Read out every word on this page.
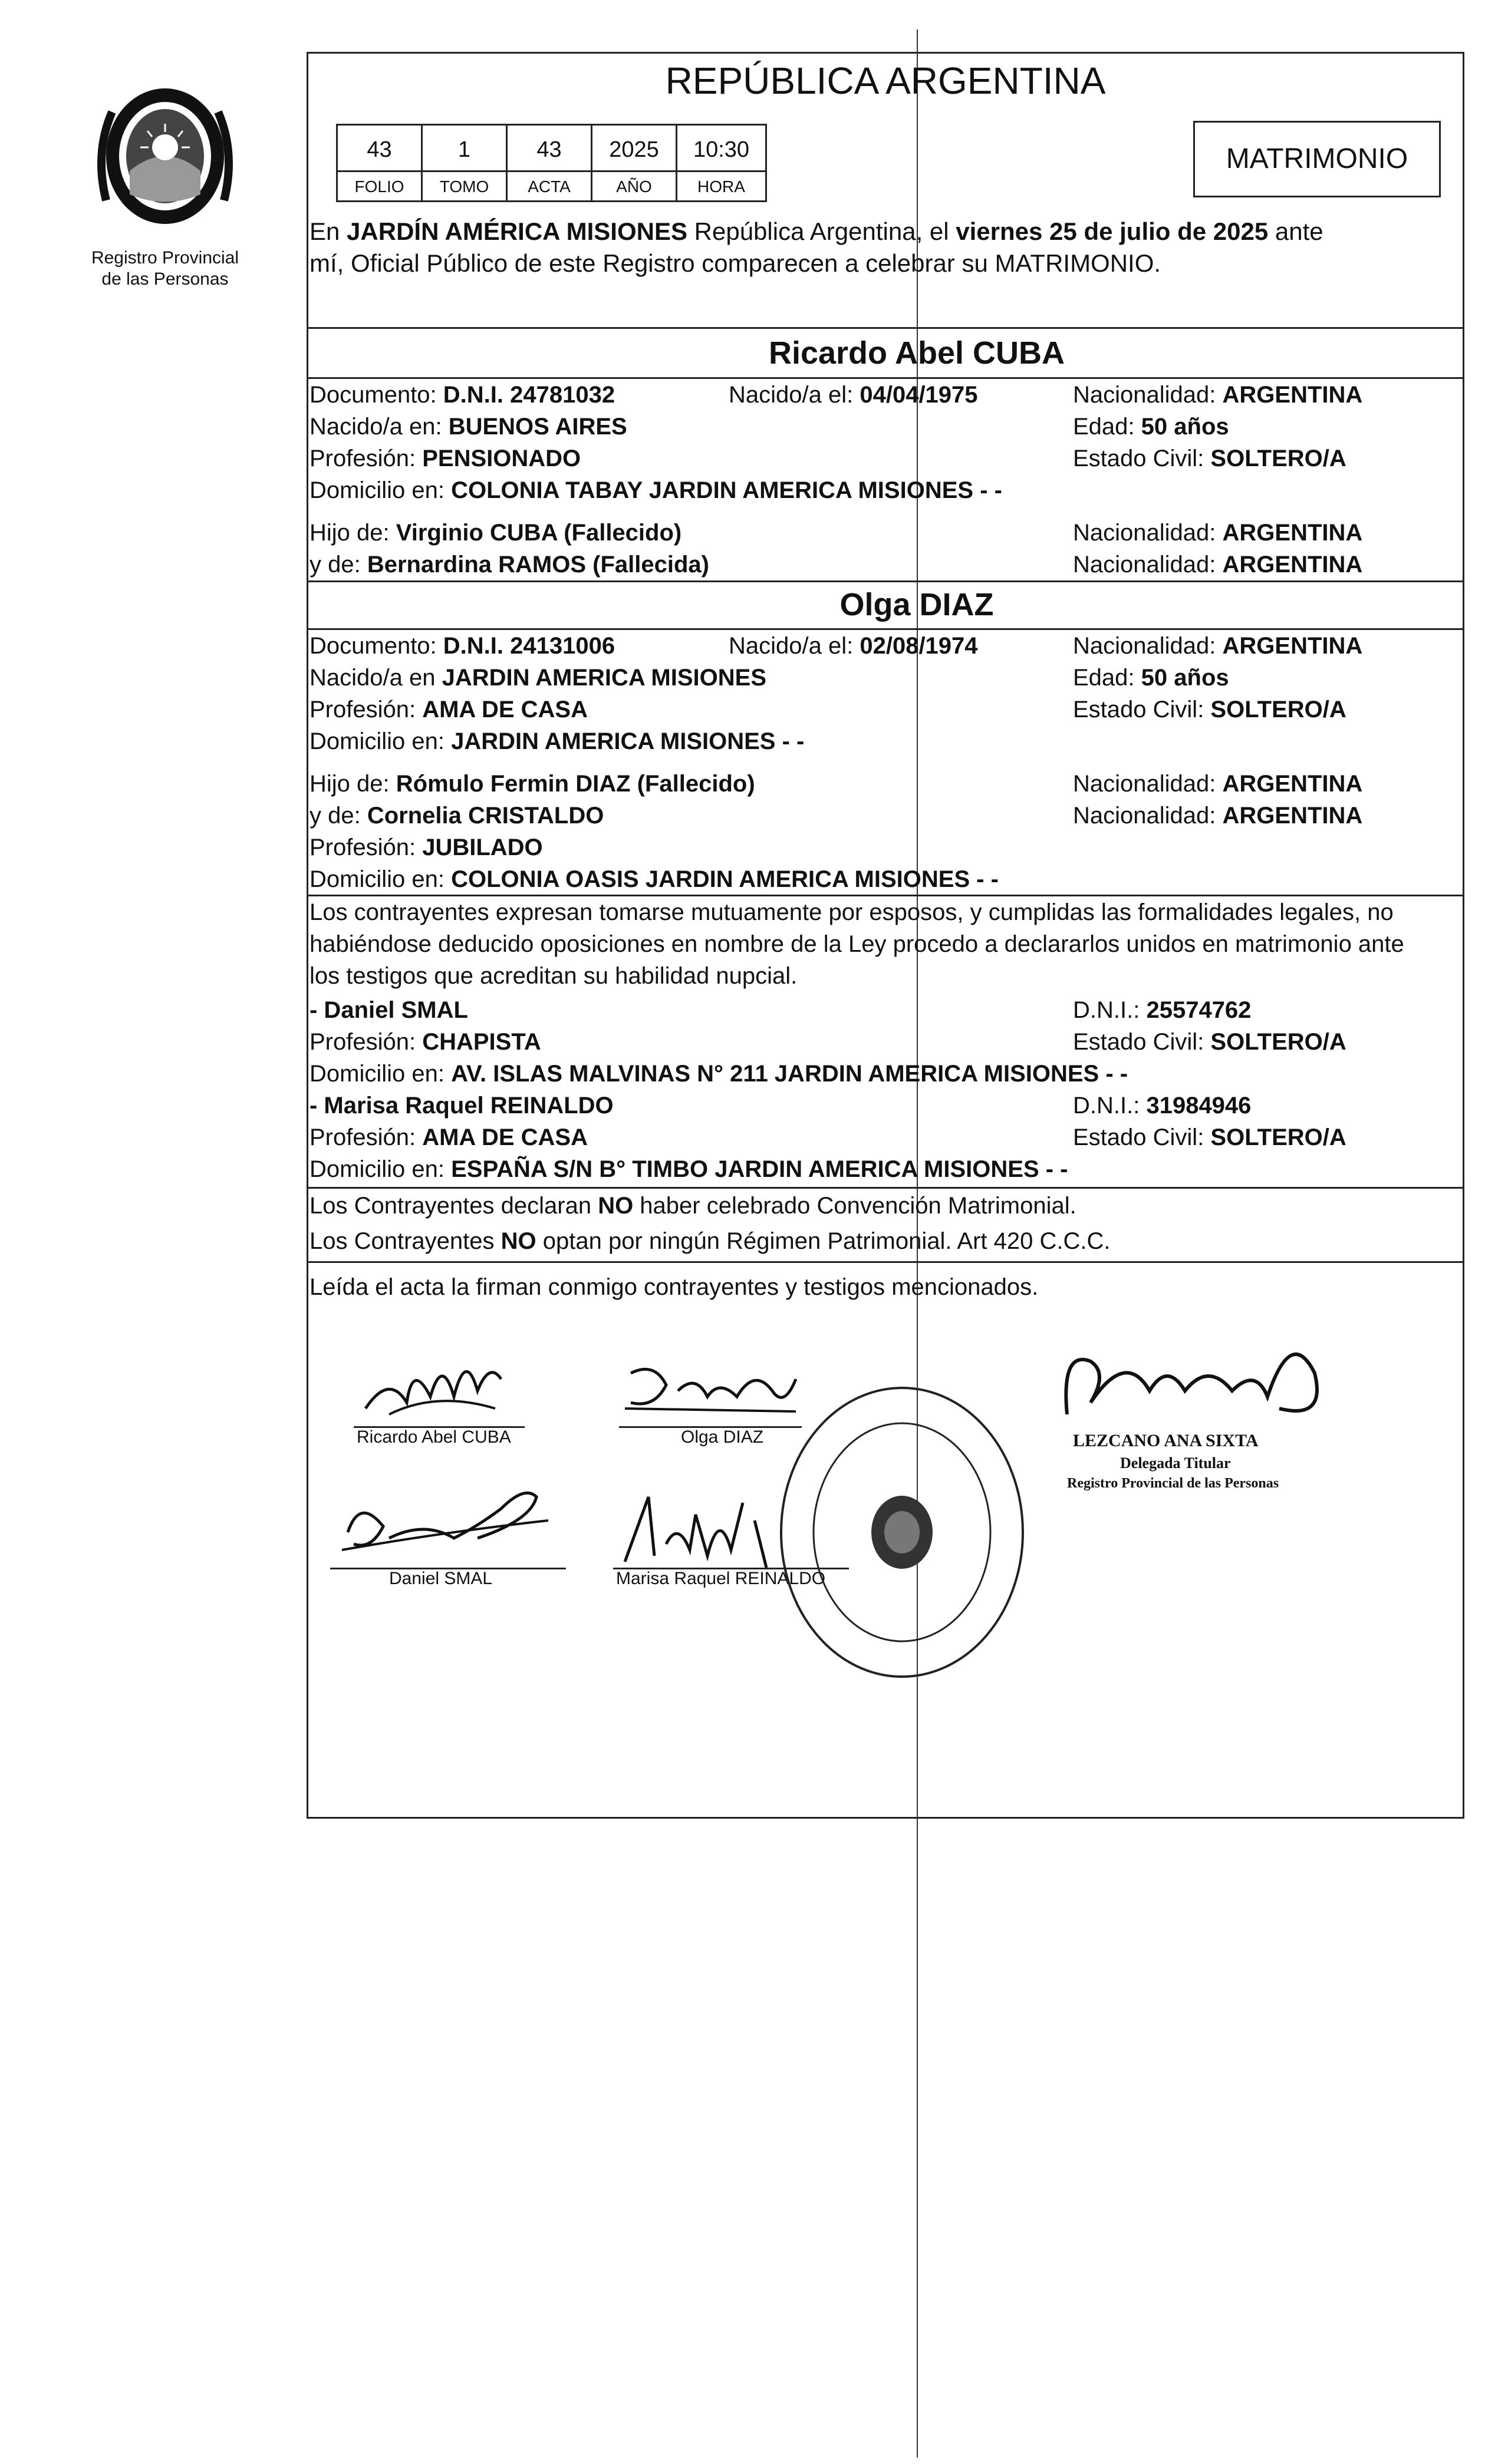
Registro Provincial
de las Personas
REPÚBLICA ARGENTINA
43	1	43	2025	10:30
FOLIO	TOMO	ACTA	AÑO	HORA
MATRIMONIO
En JARDÍN AMÉRICA MISIONES República Argentina, el viernes 25 de julio de 2025 ante
mí, Oficial Público de este Registro comparecen a celebrar su MATRIMONIO.
Ricardo Abel CUBA
Documento: D.N.I. 24781032	Nacido/a el: 04/04/1975	Nacionalidad: ARGENTINA
Nacido/a en: BUENOS AIRES	Edad: 50 años
Profesión: PENSIONADO	Estado Civil: SOLTERO/A
Domicilio en: COLONIA TABAY JARDIN AMERICA MISIONES - -
Hijo de: Virginio CUBA (Fallecido)	Nacionalidad: ARGENTINA
y de: Bernardina RAMOS (Fallecida)	Nacionalidad: ARGENTINA
Olga DIAZ
Documento: D.N.I. 24131006	Nacido/a el: 02/08/1974	Nacionalidad: ARGENTINA
Nacido/a en JARDIN AMERICA MISIONES	Edad: 50 años
Profesión: AMA DE CASA	Estado Civil: SOLTERO/A
Domicilio en: JARDIN AMERICA MISIONES - -
Hijo de: Rómulo Fermin DIAZ (Fallecido)	Nacionalidad: ARGENTINA
y de: Cornelia CRISTALDO	Nacionalidad: ARGENTINA
Profesión: JUBILADO
Domicilio en: COLONIA OASIS JARDIN AMERICA MISIONES - -
Los contrayentes expresan tomarse mutuamente por esposos, y cumplidas las formalidades legales, no
habiéndose deducido oposiciones en nombre de la Ley procedo a declararlos unidos en matrimonio ante
los testigos que acreditan su habilidad nupcial.
- Daniel SMAL	D.N.I.: 25574762
Profesión: CHAPISTA	Estado Civil: SOLTERO/A
Domicilio en: AV. ISLAS MALVINAS N° 211 JARDIN AMERICA MISIONES - -
- Marisa Raquel REINALDO	D.N.I.: 31984946
Profesión: AMA DE CASA	Estado Civil: SOLTERO/A
Domicilio en: ESPAÑA S/N B° TIMBO JARDIN AMERICA MISIONES - -
Los Contrayentes declaran NO haber celebrado Convención Matrimonial.
Los Contrayentes NO optan por ningún Régimen Patrimonial. Art 420 C.C.C.
Leída el acta la firman conmigo contrayentes y testigos mencionados.
Ricardo Abel CUBA	Olga DIAZ
Daniel SMAL	Marisa Raquel REINALDO
LEZCANO ANA SIXTA
Delegada Titular
Registro Provincial de las Personas
